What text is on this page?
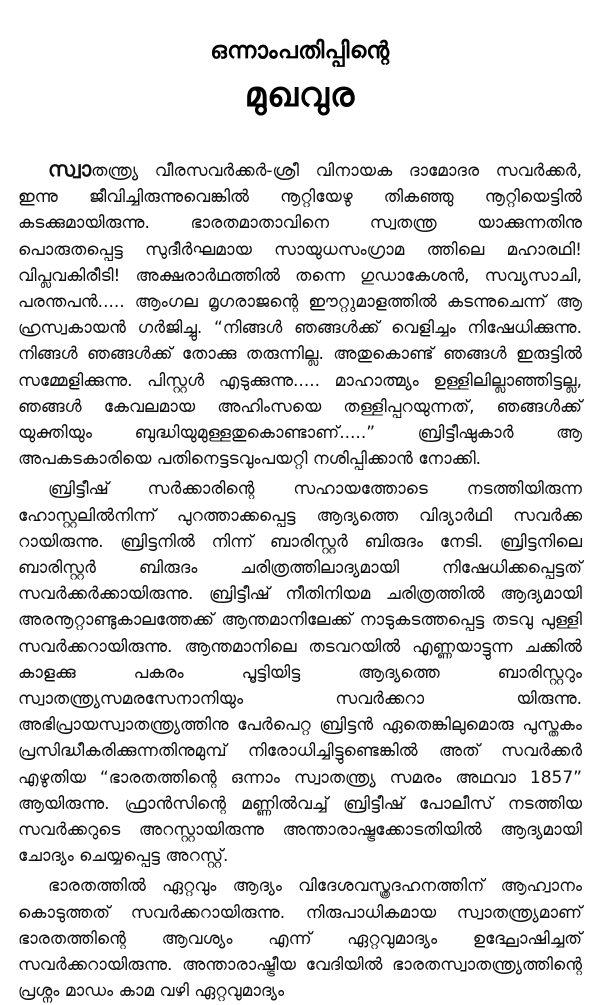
ഒന്നാംപതിപ്പിന്റെ
മുഖവുര

സ്വാതന്ത്ര്യ വീരസവർക്കർ-ശ്രീ വിനായക ദാമോദര സവർക്കർ, ഇന്നു ജീവിച്ചിരുന്നുവെങ്കിൽ നൂറ്റിയേഴു തികഞ്ഞു നൂറ്റിയെട്ടിൽ കടക്കുമായിരുന്നു. ഭാരതമാതാവിനെ സ്വതന്ത്ര യാക്കുന്നതിനു പൊരുതപ്പെട്ട സുദീർഘമായ സായുധസംഗ്രാമ ത്തിലെ മഹാരഥി! വിപ്ലവകിരീടി! അക്ഷരാർഥത്തിൽ തന്നെ ഗുഡാകേശൻ, സവ്യസാചി, പരന്തപൻ..... ആംഗല മൃഗരാജന്റെ ഈറ്റുമാളത്തിൽ കടന്നുചെന്ന് ആ ഹ്രസ്വകായൻ ഗർജിച്ചു. “നിങ്ങൾ ഞങ്ങൾക്ക് വെളിച്ചം നിഷേധിക്കുന്നു. നിങ്ങൾ ഞങ്ങൾക്ക് തോക്കു തരുന്നില്ല. അതുകൊണ്ട് ഞങ്ങൾ ഇരുട്ടിൽ സമ്മേളിക്കുന്നു. പിസ്റ്റൾ എടുക്കുന്നു..... മാഹാത്മ്യം ഉള്ളിലില്ലാഞ്ഞിട്ടല്ല, ഞങ്ങൾ കേവലമായ അഹിംസയെ തള്ളിപ്പറയുന്നത്, ഞങ്ങൾക്ക് യുക്തിയും ബുദ്ധിയുമുള്ളതുകൊണ്ടാണ്.....” ബ്രിട്ടീഷുകാർ ആ അപകടകാരിയെ പതിനെട്ടടവുംപയറ്റി നശിപ്പിക്കാൻ നോക്കി.

ബ്രിട്ടീഷ് സർക്കാരിന്റെ സഹായത്തോടെ നടത്തിയിരുന്ന ഹോസ്റ്റലിൽനിന്ന് പുറത്താക്കപ്പെട്ട ആദ്യത്തെ വിദ്യാർഥി സവർക്ക റായിരുന്നു. ബ്രിട്ടനിൽ നിന്ന് ബാരിസ്റ്റർ ബിരുദം നേടി. ബ്രിട്ടനിലെ ബാരിസ്റ്റർ ബിരുദം ചരിത്രത്തിലാദ്യമായി നിഷേധിക്കപ്പെട്ടത് സവർക്കർക്കായിരുന്നു. ബ്രിട്ടീഷ് നീതിനിയമ ചരിത്രത്തിൽ ആദ്യമായി അരനൂറ്റാണ്ടുകാലത്തേക്ക് ആന്തമാനിലേക്ക് നാടുകടത്തപ്പെട്ട തടവു പുള്ളി സവർക്കറായിരുന്നു. ആന്തമാനിലെ തടവറയിൽ എണ്ണയാട്ടുന്ന ചക്കിൽ കാളക്കു പകരം പൂട്ടിയിട്ട ആദ്യത്തെ ബാരിസ്റ്ററും സ്വാതന്ത്ര്യസമരസേനാനിയും സവർക്കറാ യിരുന്നു. അഭിപ്രായസ്വാതന്ത്ര്യത്തിനു പേർപെറ്റ ബ്രിട്ടൻ ഏതെങ്കിലുമൊരു പുസ്തകം പ്രസിദ്ധീകരിക്കുന്നതിനുമുമ്പ് നിരോധിച്ചിട്ടുണ്ടെങ്കിൽ അത് സവർക്കർ എഴുതിയ “ഭാരതത്തിന്റെ ഒന്നാം സ്വാതന്ത്ര്യ സമരം അഥവാ 1857” ആയിരുന്നു. ഫ്രാൻസിന്റെ മണ്ണിൽവച്ച് ബ്രിട്ടീഷ് പോലീസ് നടത്തിയ സവർക്കറുടെ അറസ്റ്റായിരുന്നു അന്താരാഷ്ട്രക്കോടതിയിൽ ആദ്യമായി ചോദ്യം ചെയ്യപ്പെട്ട അറസ്റ്റ്.

ഭാരതത്തിൽ ഏറ്റവും ആദ്യം വിദേശവസ്ത്രദഹനത്തിന് ആഹ്വാനം കൊടുത്തത് സവർക്കറായിരുന്നു. നിരുപാധികമായ സ്വാതന്ത്ര്യമാണ് ഭാരതത്തിന്റെ ആവശ്യം എന്ന് ഏറ്റവുമാദ്യം ഉദ്ഘോഷിച്ചത് സവർക്കറായിരുന്നു. അന്താരാഷ്ട്രീയ വേദിയിൽ ഭാരതസ്വാതന്ത്ര്യത്തിന്റെ പ്രശ്നം മാഡം കാമ വഴി ഏറ്റവുമാദ്യം
